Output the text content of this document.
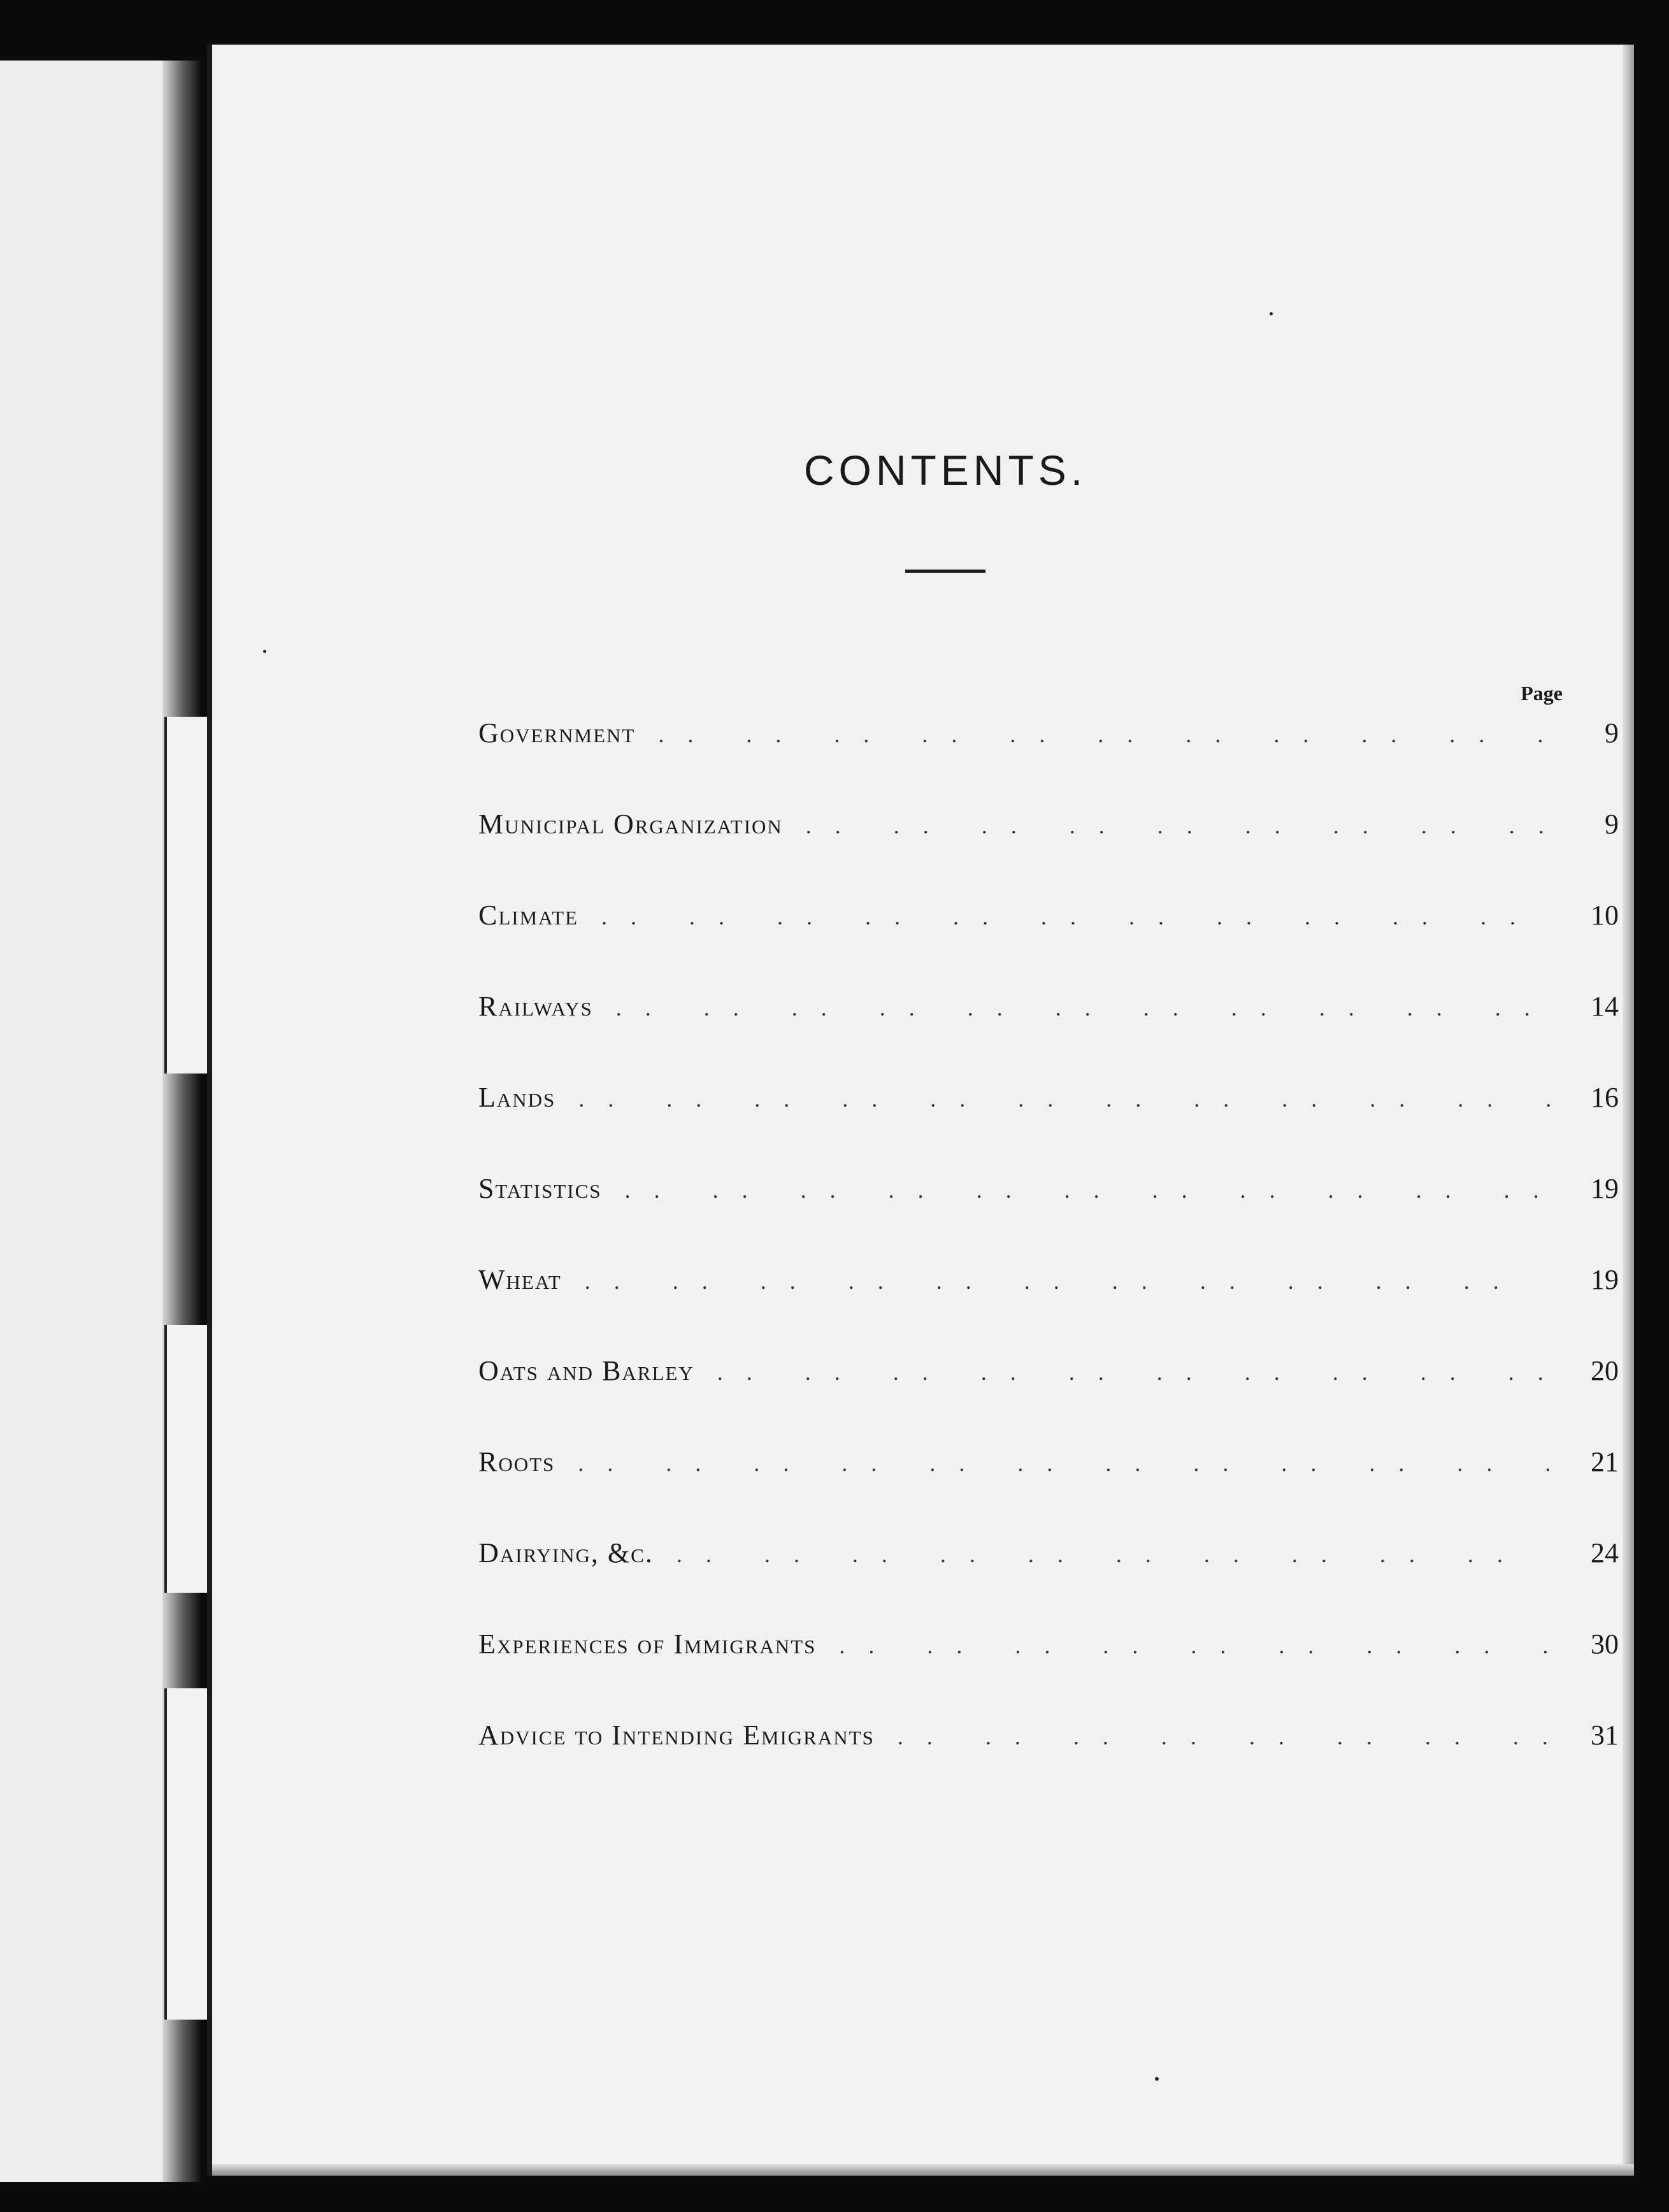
CONTENTS.
Page
Government . .	9
Municipal Organization . .	9
Climate . .	10
Railways . .	14
Lands . .	16
Statistics . .	19
Wheat . .	19
Oats and Barley . .	20
Roots . .	21
Dairying, &c. . .	24
Experiences of Immigrants . .	30
Advice to Intending Emigrants . .	31
